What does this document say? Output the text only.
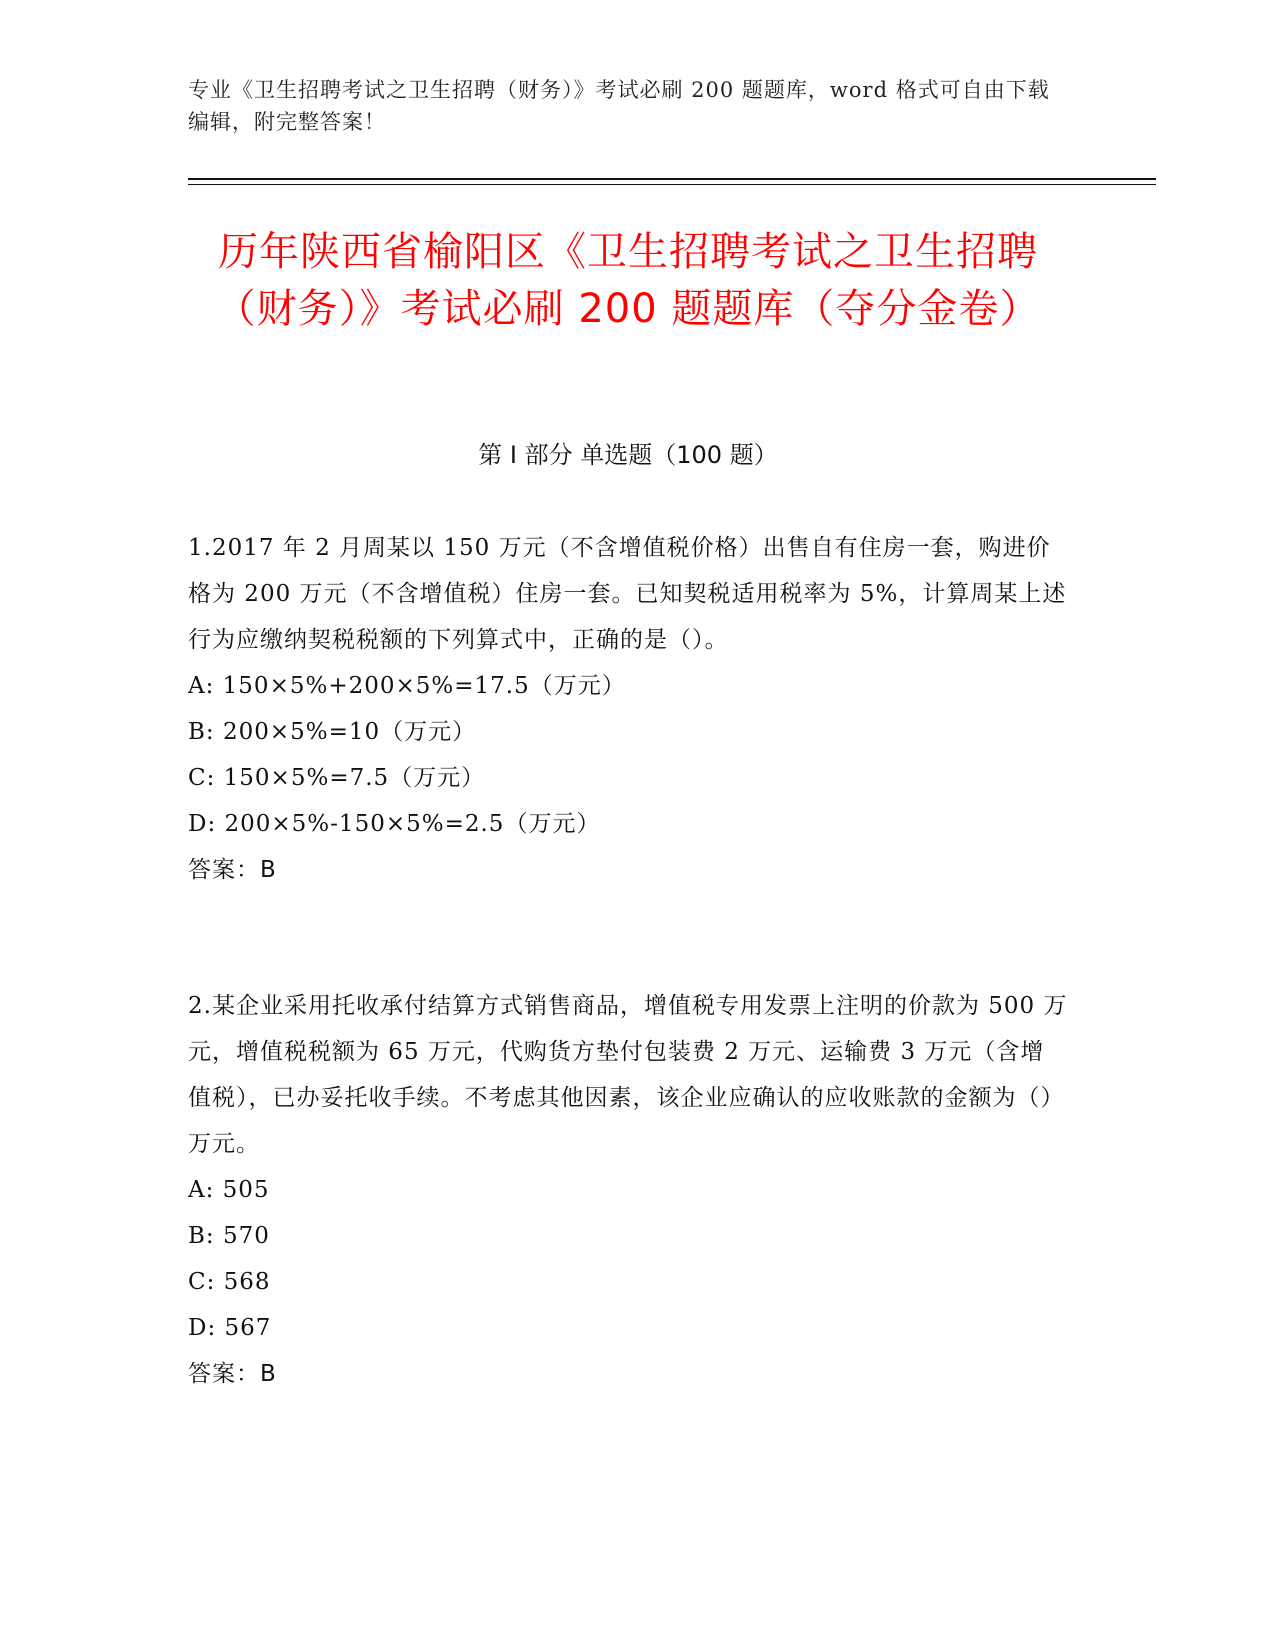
专业《卫生招聘考试之卫生招聘（财务）》考试必刷 200 题题库，word 格式可自由下载编辑，附完整答案！
历年陕西省榆阳区《卫生招聘考试之卫生招聘（财务）》考试必刷 200 题题库（夺分金卷）
第 I 部分 单选题（100 题）

1.2017 年 2 月周某以 150 万元（不含增值税价格）出售自有住房一套，购进价格为 200 万元（不含增值税）住房一套。已知契税适用税率为 5%，计算周某上述行为应缴纳契税税额的下列算式中，正确的是（）。

A: 150×5%+200×5%=17.5（万元）

B: 200×5%=10（万元）

C: 150×5%=7.5（万元）

D: 200×5%-150×5%=2.5（万元）

答案：B

2.某企业采用托收承付结算方式销售商品，增值税专用发票上注明的价款为 500 万元，增值税税额为 65 万元，代购货方垫付包装费 2 万元、运输费 3 万元（含增值税），已办妥托收手续。不考虑其他因素，该企业应确认的应收账款的金额为（）万元。

A: 505

B: 570

C: 568

D: 567

答案：B
